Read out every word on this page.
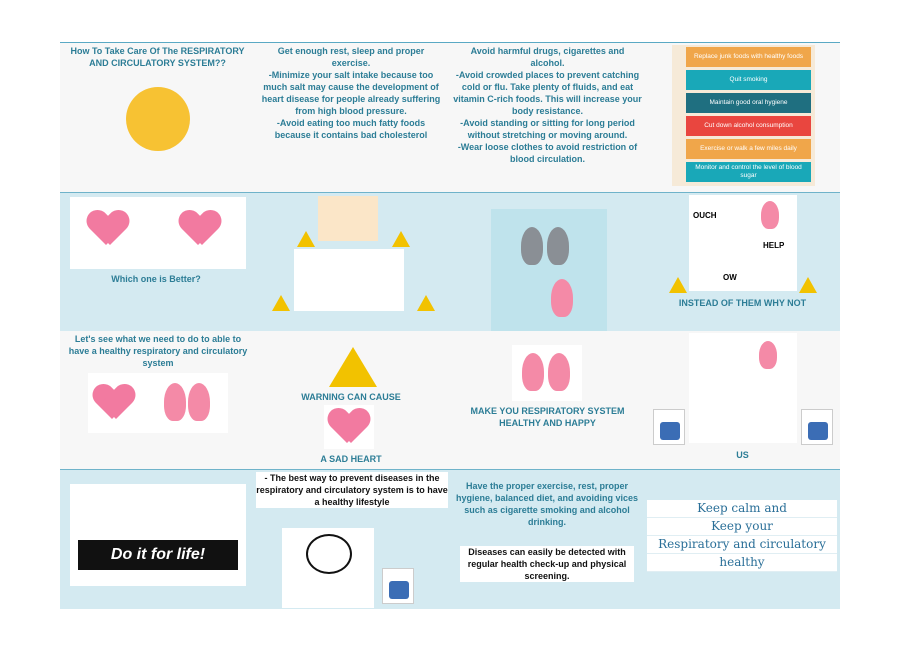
How To Take Care Of The RESPIRATORY AND CIRCULATORY SYSTEM??
Get enough rest, sleep and proper exercise.
-Minimize your salt intake because too much salt may cause the development of heart disease for people already suffering from high blood pressure.
-Avoid eating too much fatty foods because it contains bad cholesterol
Avoid harmful drugs, cigarettes and alcohol.
-Avoid crowded places to prevent catching cold or flu. Take plenty of fluids, and eat vitamin C-rich foods. This will increase your body resistance.
-Avoid standing or sitting for long period without stretching or moving around.
-Wear loose clothes to avoid restriction of blood circulation.
Replace junk foods with healthy foods
Quit smoking
Maintain good oral hygiene
Cut down alcohol consumption
Exercise or walk a few miles daily
Monitor and control the level of blood sugar
Which one is Better?
OUCH
HELP
OW
INSTEAD OF THEM WHY NOT
Let's see what we need to do to able to have a healthy respiratory and circulatory system
WARNING CAN CAUSE
A SAD HEART
MAKE YOU RESPIRATORY SYSTEM HEALTHY AND HAPPY
US
Do it for life!
- The best way to prevent diseases in the respiratory and circulatory system is to have a healthy lifestyle
Have the proper exercise, rest, proper hygiene, balanced diet, and avoiding vices such as cigarette smoking and alcohol drinking.
Diseases can easily be detected with regular health check-up and physical screening.
Keep calm and
Keep your
Respiratory and circulatory
healthy
